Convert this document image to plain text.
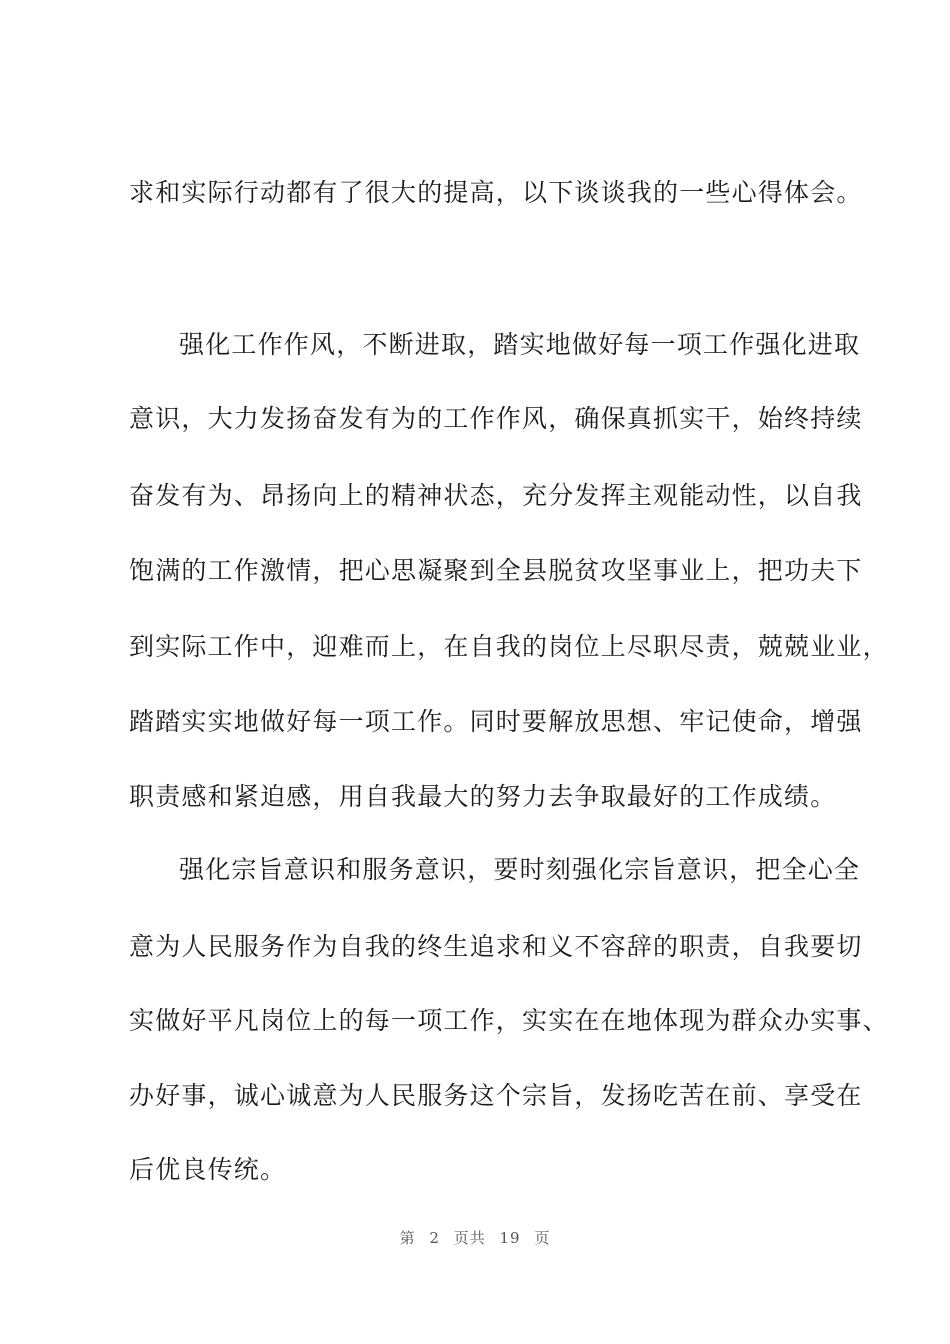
求和实际行动都有了很大的提高，以下谈谈我的一些心得体会。
强化工作作风，不断进取，踏实地做好每一项工作强化进取
意识，大力发扬奋发有为的工作作风，确保真抓实干，始终持续
奋发有为、昂扬向上的精神状态，充分发挥主观能动性，以自我
饱满的工作激情，把心思凝聚到全县脱贫攻坚事业上，把功夫下
到实际工作中，迎难而上，在自我的岗位上尽职尽责，兢兢业业，
踏踏实实地做好每一项工作。同时要解放思想、牢记使命，增强
职责感和紧迫感，用自我最大的努力去争取最好的工作成绩。
强化宗旨意识和服务意识，要时刻强化宗旨意识，把全心全
意为人民服务作为自我的终生追求和义不容辞的职责，自我要切
实做好平凡岗位上的每一项工作，实实在在地体现为群众办实事、
办好事，诚心诚意为人民服务这个宗旨，发扬吃苦在前、享受在
后优良传统。
第 2 页共 19 页
